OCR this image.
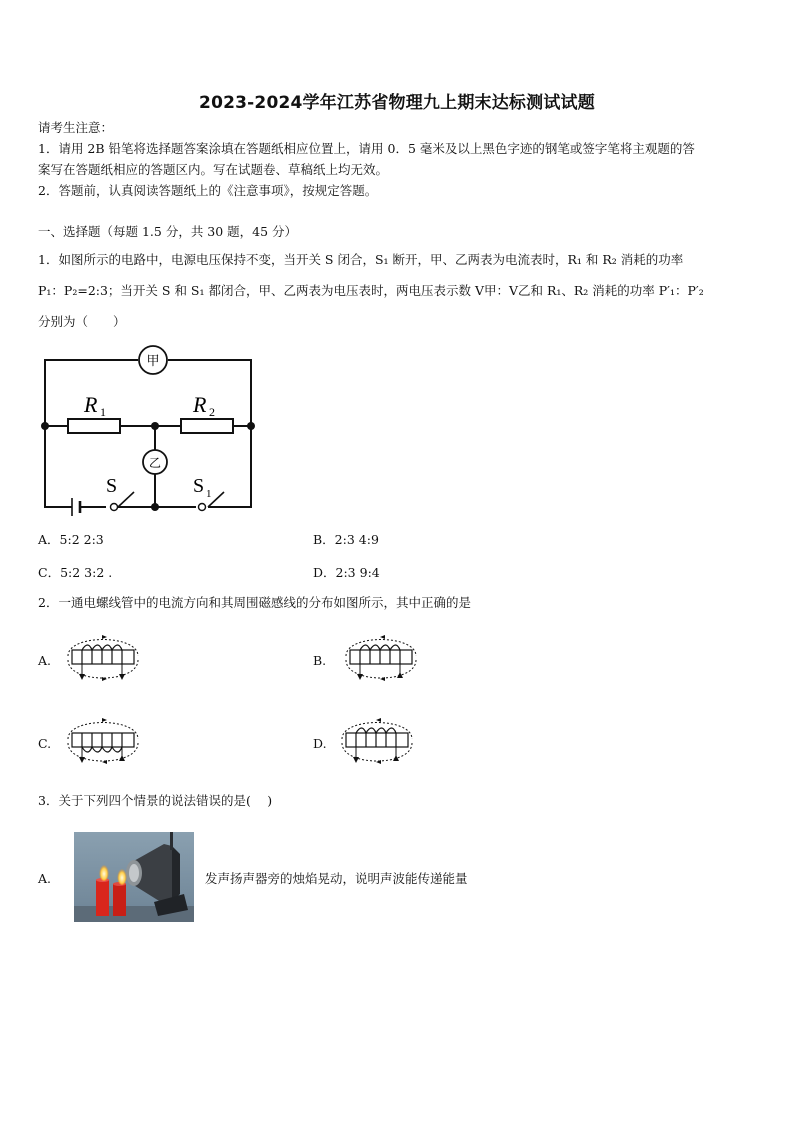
2023-2024学年江苏省物理九上期末达标测试试题
请考生注意：
1．请用 2B 铅笔将选择题答案涂填在答题纸相应位置上，请用 0．5 毫米及以上黑色字迹的钢笔或签字笔将主观题的答
案写在答题纸相应的答题区内。写在试题卷、草稿纸上均无效。
2．答题前，认真阅读答题纸上的《注意事项》，按规定答题。
一、选择题（每题 1.5 分，共 30 题，45 分）
1．如图所示的电路中，电源电压保持不变，当开关 S 闭合，S₁ 断开，甲、乙两表为电流表时，R₁ 和 R₂ 消耗的功率
P₁：P₂=2:3；当开关 S 和 S₁ 都闭合，甲、乙两表为电压表时，两电压表示数 V甲：V乙和 R₁、R₂ 消耗的功率 P′₁：P′₂
分别为（　　）
甲
乙
R 1	R 2
S	S 1
A．5:2 2:3	B．2:3 4:9
C．5:2 3:2 .	D．2:3 9:4
2．一通电螺线管中的电流方向和其周围磁感线的分布如图所示，其中正确的是
A.	B.
C.	D.
3．关于下列四个情景的说法错误的是(　 )
A.	发声扬声器旁的烛焰晃动，说明声波能传递能量
